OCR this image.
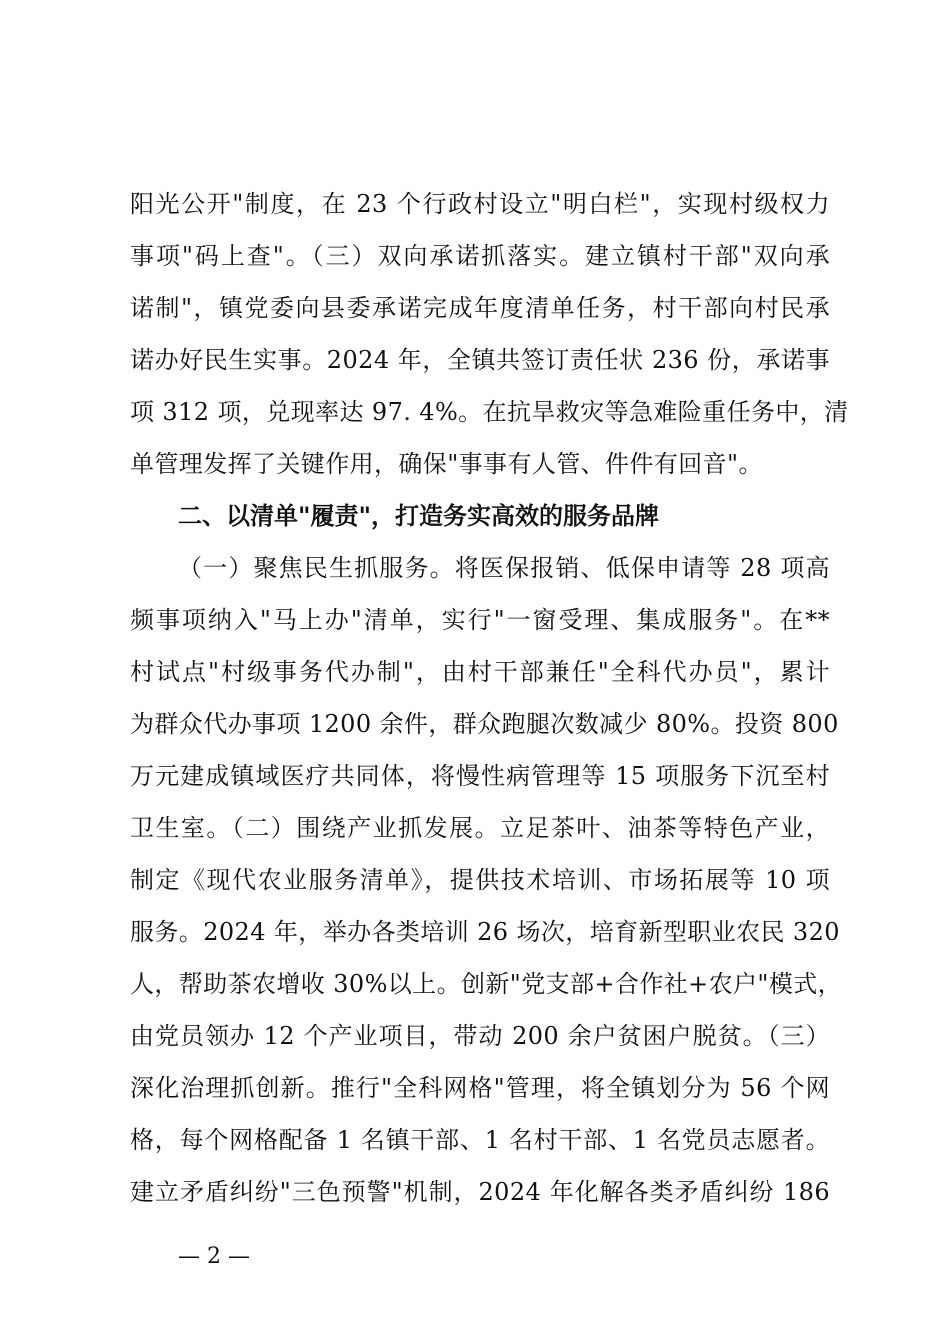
阳光公开"制度，在 23 个行政村设立"明白栏"，实现村级权力
事项"码上查"。（三）双向承诺抓落实。建立镇村干部"双向承
诺制"，镇党委向县委承诺完成年度清单任务，村干部向村民承
诺办好民生实事。2024 年，全镇共签订责任状 236 份，承诺事
项 312 项，兑现率达 97. 4%。在抗旱救灾等急难险重任务中，清
单管理发挥了关键作用，确保"事事有人管、件件有回音"。
二、以清单"履责"，打造务实高效的服务品牌
（一）聚焦民生抓服务。将医保报销、低保申请等 28 项高
频事项纳入"马上办"清单，实行"一窗受理、集成服务"。在**
村试点"村级事务代办制"，由村干部兼任"全科代办员"，累计
为群众代办事项 1200 余件，群众跑腿次数减少 80%。投资 800
万元建成镇域医疗共同体，将慢性病管理等 15 项服务下沉至村
卫生室。（二）围绕产业抓发展。立足茶叶、油茶等特色产业，
制定《现代农业服务清单》，提供技术培训、市场拓展等 10 项
服务。2024 年，举办各类培训 26 场次，培育新型职业农民 320
人，帮助茶农增收 30%以上。创新"党支部+合作社+农户"模式，
由党员领办 12 个产业项目，带动 200 余户贫困户脱贫。（三）
深化治理抓创新。推行"全科网格"管理，将全镇划分为 56 个网
格，每个网格配备 1 名镇干部、1 名村干部、1 名党员志愿者。
建立矛盾纠纷"三色预警"机制，2024 年化解各类矛盾纠纷 186
— 2 —
